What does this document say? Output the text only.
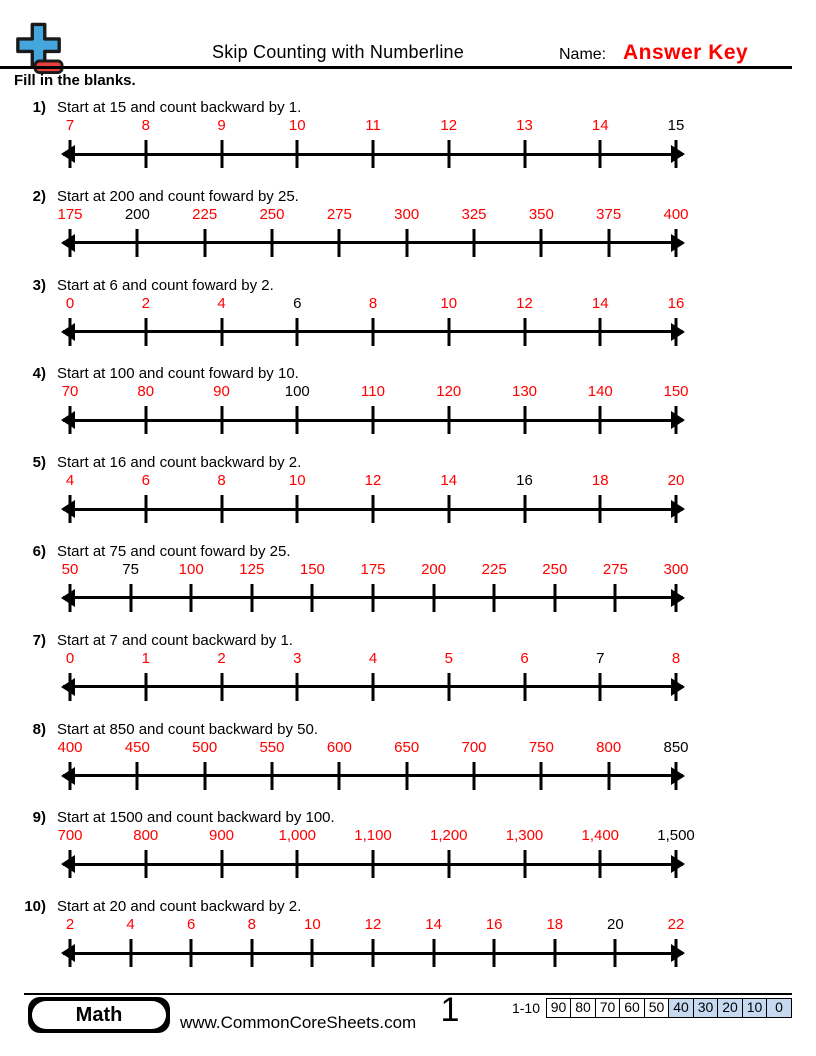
Skip Counting with Numberline	Name: Answer Key
Fill in the blanks.
1) Start at 15 and count backward by 1.
7	8	9	10	11	12	13	14	15
2) Start at 200 and count foward by 25.
175	200	225	250	275	300	325	350	375	400
3) Start at 6 and count foward by 2.
0	2	4	6	8	10	12	14	16
4) Start at 100 and count foward by 10.
70	80	90	100	110	120	130	140	150
5) Start at 16 and count backward by 2.
4	6	8	10	12	14	16	18	20
6) Start at 75 and count foward by 25.
50	75	100 125 150 175 200 225 250 275 300
7) Start at 7 and count backward by 1.
0	1	2	3	4	5	6	7	8
8) Start at 850 and count backward by 50.
400	450	500	550	600	650	700	750	800	850
9) Start at 1500 and count backward by 100.
700	800	900	1,000	1,100	1,200	1,300	1,400	1,500
10) Start at 20 and count backward by 2.
2	4	6	8	10	12	14	16	18	20	22
Math	www.CommonCoreSheets.com 1	1-10 90 80 70 60 50 40 30 20 10 0
